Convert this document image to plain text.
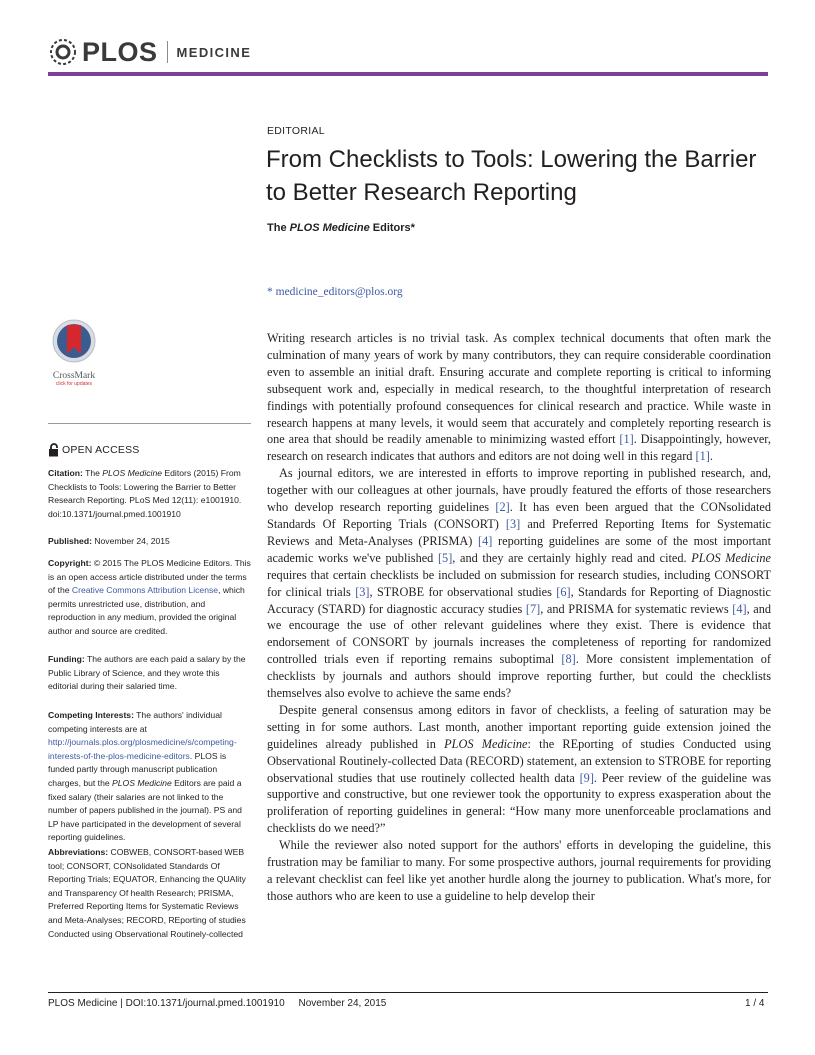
PLOS MEDICINE
EDITORIAL
From Checklists to Tools: Lowering the Barrier to Better Research Reporting
The PLOS Medicine Editors*
* medicine_editors@plos.org
CrossMark
click for updates
OPEN ACCESS
Citation: The PLOS Medicine Editors (2015) From Checklists to Tools: Lowering the Barrier to Better Research Reporting. PLoS Med 12(11): e1001910. doi:10.1371/journal.pmed.1001910
Published: November 24, 2015
Copyright: © 2015 The PLOS Medicine Editors. This is an open access article distributed under the terms of the Creative Commons Attribution License, which permits unrestricted use, distribution, and reproduction in any medium, provided the original author and source are credited.
Funding: The authors are each paid a salary by the Public Library of Science, and they wrote this editorial during their salaried time.
Competing Interests: The authors' individual competing interests are at http://journals.plos.org/plosmedicine/s/competing-interests-of-the-plos-medicine-editors. PLOS is funded partly through manuscript publication charges, but the PLOS Medicine Editors are paid a fixed salary (their salaries are not linked to the number of papers published in the journal). PS and LP have participated in the development of several reporting guidelines.
Abbreviations: COBWEB, CONSORT-based WEB tool; CONSORT, CONsolidated Standards Of Reporting Trials; EQUATOR, Enhancing the QUAlity and Transparency Of health Research; PRISMA, Preferred Reporting Items for Systematic Reviews and Meta-Analyses; RECORD, REporting of studies Conducted using Observational Routinely-collected

Writing research articles is no trivial task. As complex technical documents that often mark the culmination of many years of work by many contributors, they can require considerable coordination even to assemble an initial draft. Ensuring accurate and complete reporting is critical to informing subsequent work and, especially in medical research, to the thoughtful interpretation of research findings with potentially profound consequences for clinical research and practice. While waste in research happens at many levels, it would seem that accurately and completely reporting research is one area that should be readily amenable to minimizing wasted effort [1]. Disappointingly, however, research on research indicates that authors and editors are not doing well in this regard [1].

As journal editors, we are interested in efforts to improve reporting in published research, and, together with our colleagues at other journals, have proudly featured the efforts of those researchers who develop research reporting guidelines [2]. It has even been argued that the CONsolidated Standards Of Reporting Trials (CONSORT) [3] and Preferred Reporting Items for Systematic Reviews and Meta-Analyses (PRISMA) [4] reporting guidelines are some of the most important academic works we've published [5], and they are certainly highly read and cited. PLOS Medicine requires that certain checklists be included on submission for research studies, including CONSORT for clinical trials [3], STROBE for observational studies [6], Standards for Reporting of Diagnostic Accuracy (STARD) for diagnostic accuracy studies [7], and PRISMA for systematic reviews [4], and we encourage the use of other relevant guidelines where they exist. There is evidence that endorsement of CONSORT by journals increases the completeness of reporting for randomized controlled trials even if reporting remains suboptimal [8]. More consistent implementation of checklists by journals and authors should improve reporting further, but could the checklists themselves also evolve to achieve the same ends?

Despite general consensus among editors in favor of checklists, a feeling of saturation may be setting in for some authors. Last month, another important reporting guide extension joined the guidelines already published in PLOS Medicine: the REporting of studies Conducted using Observational Routinely-collected Data (RECORD) statement, an extension to STROBE for reporting observational studies that use routinely collected health data [9]. Peer review of the guideline was supportive and constructive, but one reviewer took the opportunity to express exasperation about the proliferation of reporting guidelines in general: “How many more unenforceable proclamations and checklists do we need?”

While the reviewer also noted support for the authors' efforts in developing the guideline, this frustration may be familiar to many. For some prospective authors, journal requirements for providing a relevant checklist can feel like yet another hurdle along the journey to publication. What's more, for those authors who are keen to use a guideline to help develop their

PLOS Medicine | DOI:10.1371/journal.pmed.1001910     November 24, 2015	1 / 4
